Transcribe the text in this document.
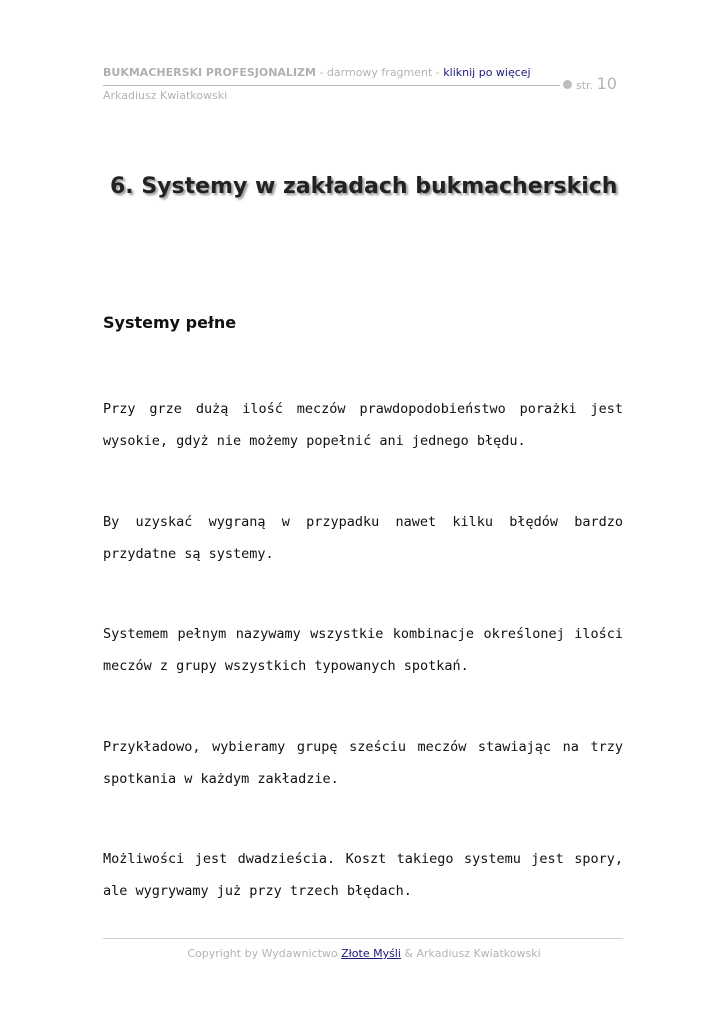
BUKMACHERSKI PROFESJONALIZM - darmowy fragment - kliknij po więcej
str. 10
Arkadiusz Kwiatkowski
6. Systemy w zakładach bukmacherskich
Systemy pełne

Przy grze dużą ilość meczów prawdopodobieństwo porażki jest wysokie, gdyż nie możemy popełnić ani jednego błędu.

By uzyskać wygraną w przypadku nawet kilku błędów bardzo przydatne są systemy.

Systemem pełnym nazywamy wszystkie kombinacje określonej ilości meczów z grupy wszystkich typowanych spotkań.

Przykładowo, wybieramy grupę sześciu meczów stawiając na trzy spotkania w każdym zakładzie.

Możliwości jest dwadzieścia. Koszt takiego systemu jest spory, ale wygrywamy już przy trzech błędach.

Copyright by Wydawnictwo Złote Myśli & Arkadiusz Kwiatkowski
